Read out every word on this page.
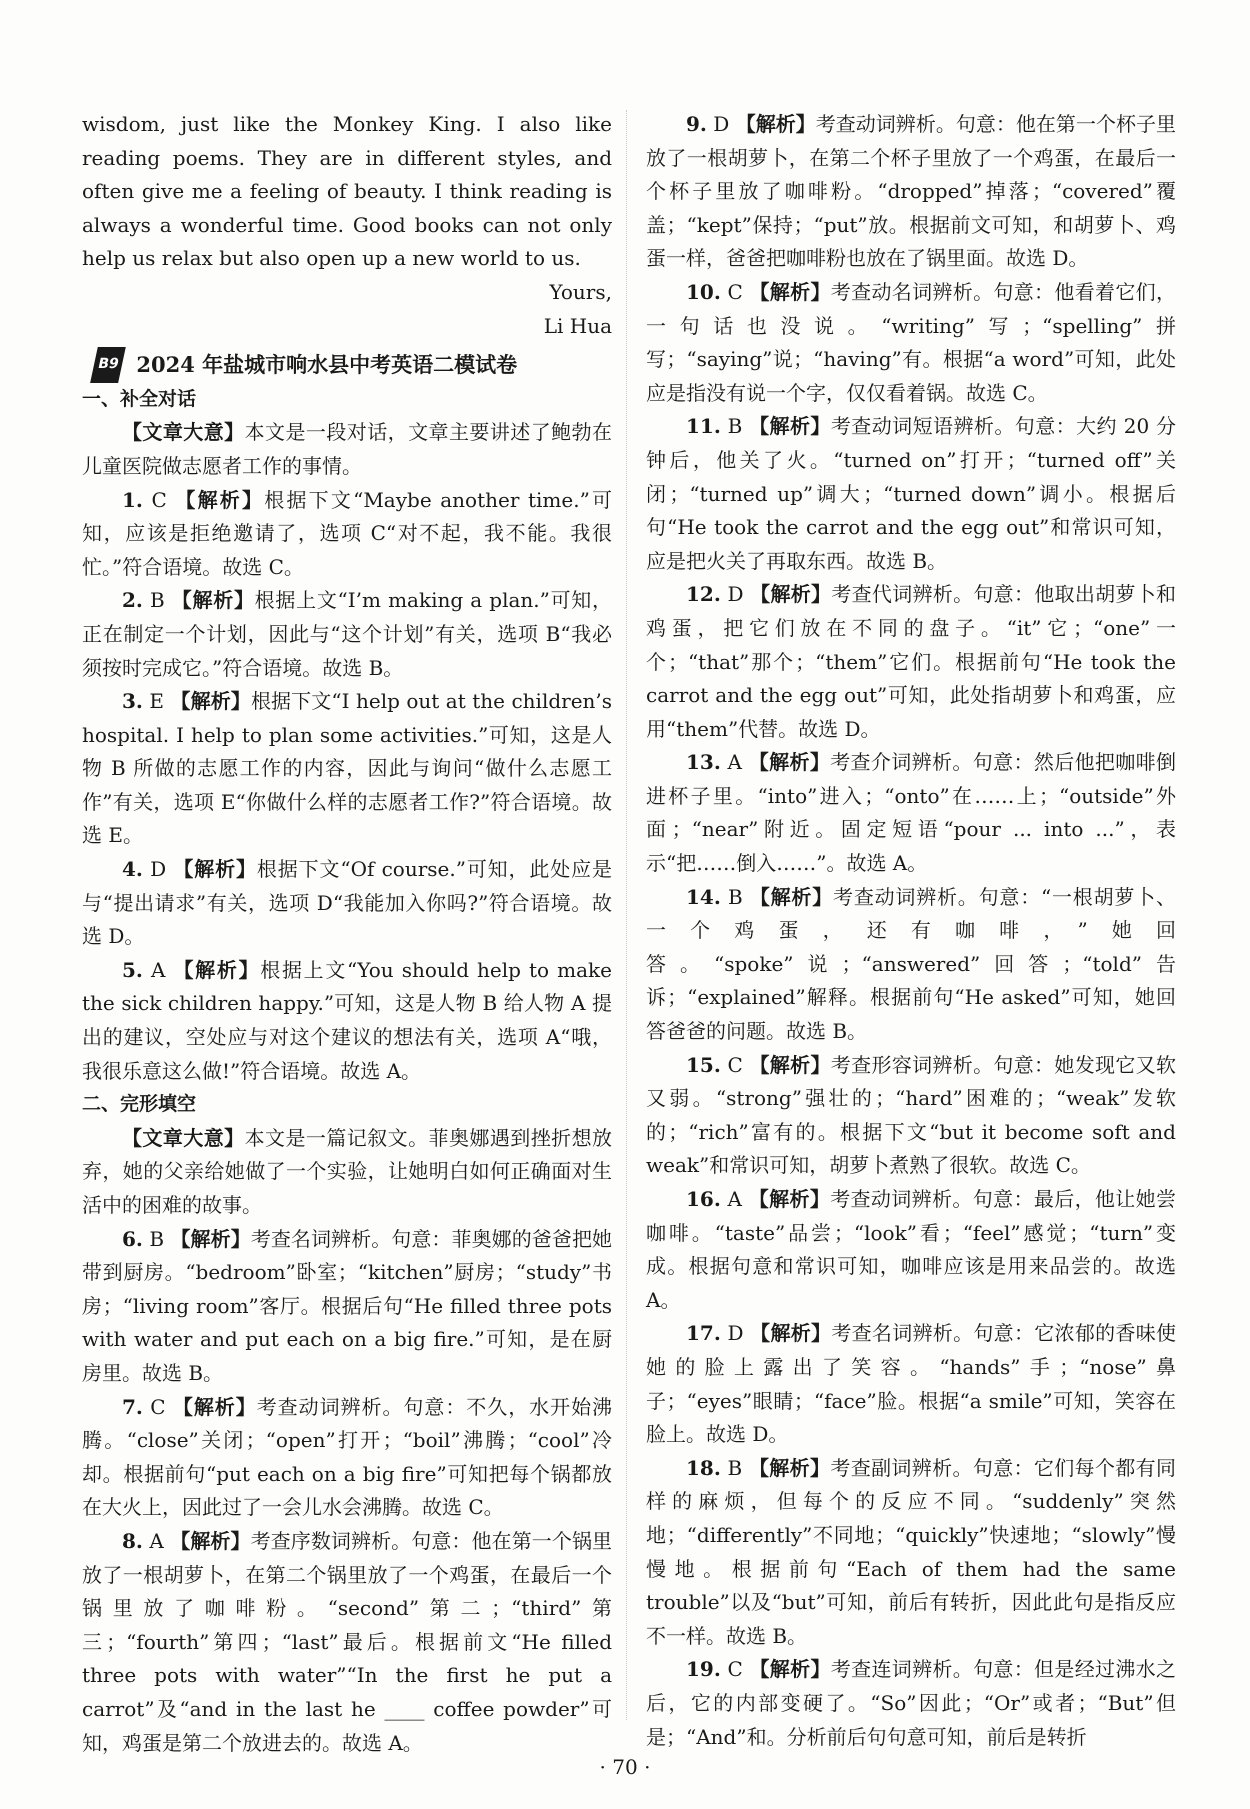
wisdom, just like the Monkey King. I also like reading poems. They are in different styles, and often give me a feeling of beauty. I think reading is always a wonderful time. Good books can not only help us relax but also open up a new world to us.

Yours,

Li Hua

B9 2024 年盐城市响水县中考英语二模试卷

一、补全对话

【文章大意】本文是一段对话，文章主要讲述了鲍勃在儿童医院做志愿者工作的事情。

1. C 【解析】根据下文“Maybe another time.”可知，应该是拒绝邀请了，选项 C“对不起，我不能。我很忙。”符合语境。故选 C。

2. B 【解析】根据上文“I’m making a plan.”可知，正在制定一个计划，因此与“这个计划”有关，选项 B“我必须按时完成它。”符合语境。故选 B。

3. E 【解析】根据下文“I help out at the children’s hospital. I help to plan some activities.”可知，这是人物 B 所做的志愿工作的内容，因此与询问“做什么志愿工作”有关，选项 E“你做什么样的志愿者工作?”符合语境。故选 E。

4. D 【解析】根据下文“Of course.”可知，此处应是与“提出请求”有关，选项 D“我能加入你吗?”符合语境。故选 D。

5. A 【解析】根据上文“You should help to make the sick children happy.”可知，这是人物 B 给人物 A 提出的建议，空处应与对这个建议的想法有关，选项 A“哦，我很乐意这么做!”符合语境。故选 A。

二、完形填空

【文章大意】本文是一篇记叙文。菲奥娜遇到挫折想放弃，她的父亲给她做了一个实验，让她明白如何正确面对生活中的困难的故事。

6. B 【解析】考查名词辨析。句意：菲奥娜的爸爸把她带到厨房。“bedroom”卧室；“kitchen”厨房；“study”书房；“living room”客厅。根据后句“He filled three pots with water and put each on a big fire.”可知，是在厨房里。故选 B。

7. C 【解析】考查动词辨析。句意：不久，水开始沸腾。“close”关闭；“open”打开；“boil”沸腾；“cool”冷却。根据前句“put each on a big fire”可知把每个锅都放在大火上，因此过了一会儿水会沸腾。故选 C。

8. A 【解析】考查序数词辨析。句意：他在第一个锅里放了一根胡萝卜，在第二个锅里放了一个鸡蛋，在最后一个锅里放了咖啡粉。“second”第二；“third”第三；“fourth”第四；“last”最后。根据前文“He filled three pots with water”“In the first he put a carrot”及“and in the last he ____ coffee powder”可知，鸡蛋是第二个放进去的。故选 A。

9. D 【解析】考查动词辨析。句意：他在第一个杯子里放了一根胡萝卜，在第二个杯子里放了一个鸡蛋，在最后一个杯子里放了咖啡粉。“dropped”掉落；“covered”覆盖；“kept”保持；“put”放。根据前文可知，和胡萝卜、鸡蛋一样，爸爸把咖啡粉也放在了锅里面。故选 D。

10. C 【解析】考查动名词辨析。句意：他看着它们，一句话也没说。“writing”写；“spelling”拼写；“saying”说；“having”有。根据“a word”可知，此处应是指没有说一个字，仅仅看着锅。故选 C。

11. B 【解析】考查动词短语辨析。句意：大约 20 分钟后，他关了火。“turned on”打开；“turned off”关闭；“turned up”调大；“turned down”调小。根据后句“He took the carrot and the egg out”和常识可知，应是把火关了再取东西。故选 B。

12. D 【解析】考查代词辨析。句意：他取出胡萝卜和鸡蛋，把它们放在不同的盘子。“it”它；“one”一个；“that”那个；“them”它们。根据前句“He took the carrot and the egg out”可知，此处指胡萝卜和鸡蛋，应用“them”代替。故选 D。

13. A 【解析】考查介词辨析。句意：然后他把咖啡倒进杯子里。“into”进入；“onto”在……上；“outside”外面；“near”附近。固定短语“pour ... into ...”，表示“把……倒入……”。故选 A。

14. B 【解析】考查动词辨析。句意：“一根胡萝卜、一个鸡蛋，还有咖啡，”她回答。“spoke”说；“answered”回答；“told”告诉；“explained”解释。根据前句“He asked”可知，她回答爸爸的问题。故选 B。

15. C 【解析】考查形容词辨析。句意：她发现它又软又弱。“strong”强壮的；“hard”困难的；“weak”发软的；“rich”富有的。根据下文“but it become soft and weak”和常识可知，胡萝卜煮熟了很软。故选 C。

16. A 【解析】考查动词辨析。句意：最后，他让她尝咖啡。“taste”品尝；“look”看；“feel”感觉；“turn”变成。根据句意和常识可知，咖啡应该是用来品尝的。故选 A。

17. D 【解析】考查名词辨析。句意：它浓郁的香味使她的脸上露出了笑容。“hands”手；“nose”鼻子；“eyes”眼睛；“face”脸。根据“a smile”可知，笑容在脸上。故选 D。

18. B 【解析】考查副词辨析。句意：它们每个都有同样的麻烦，但每个的反应不同。“suddenly”突然地；“differently”不同地；“quickly”快速地；“slowly”慢慢地。根据前句“Each of them had the same trouble”以及“but”可知，前后有转折，因此此句是指反应不一样。故选 B。

19. C 【解析】考查连词辨析。句意：但是经过沸水之后，它的内部变硬了。“So”因此；“Or”或者；“But”但是；“And”和。分析前后句句意可知，前后是转折

· 70 ·
